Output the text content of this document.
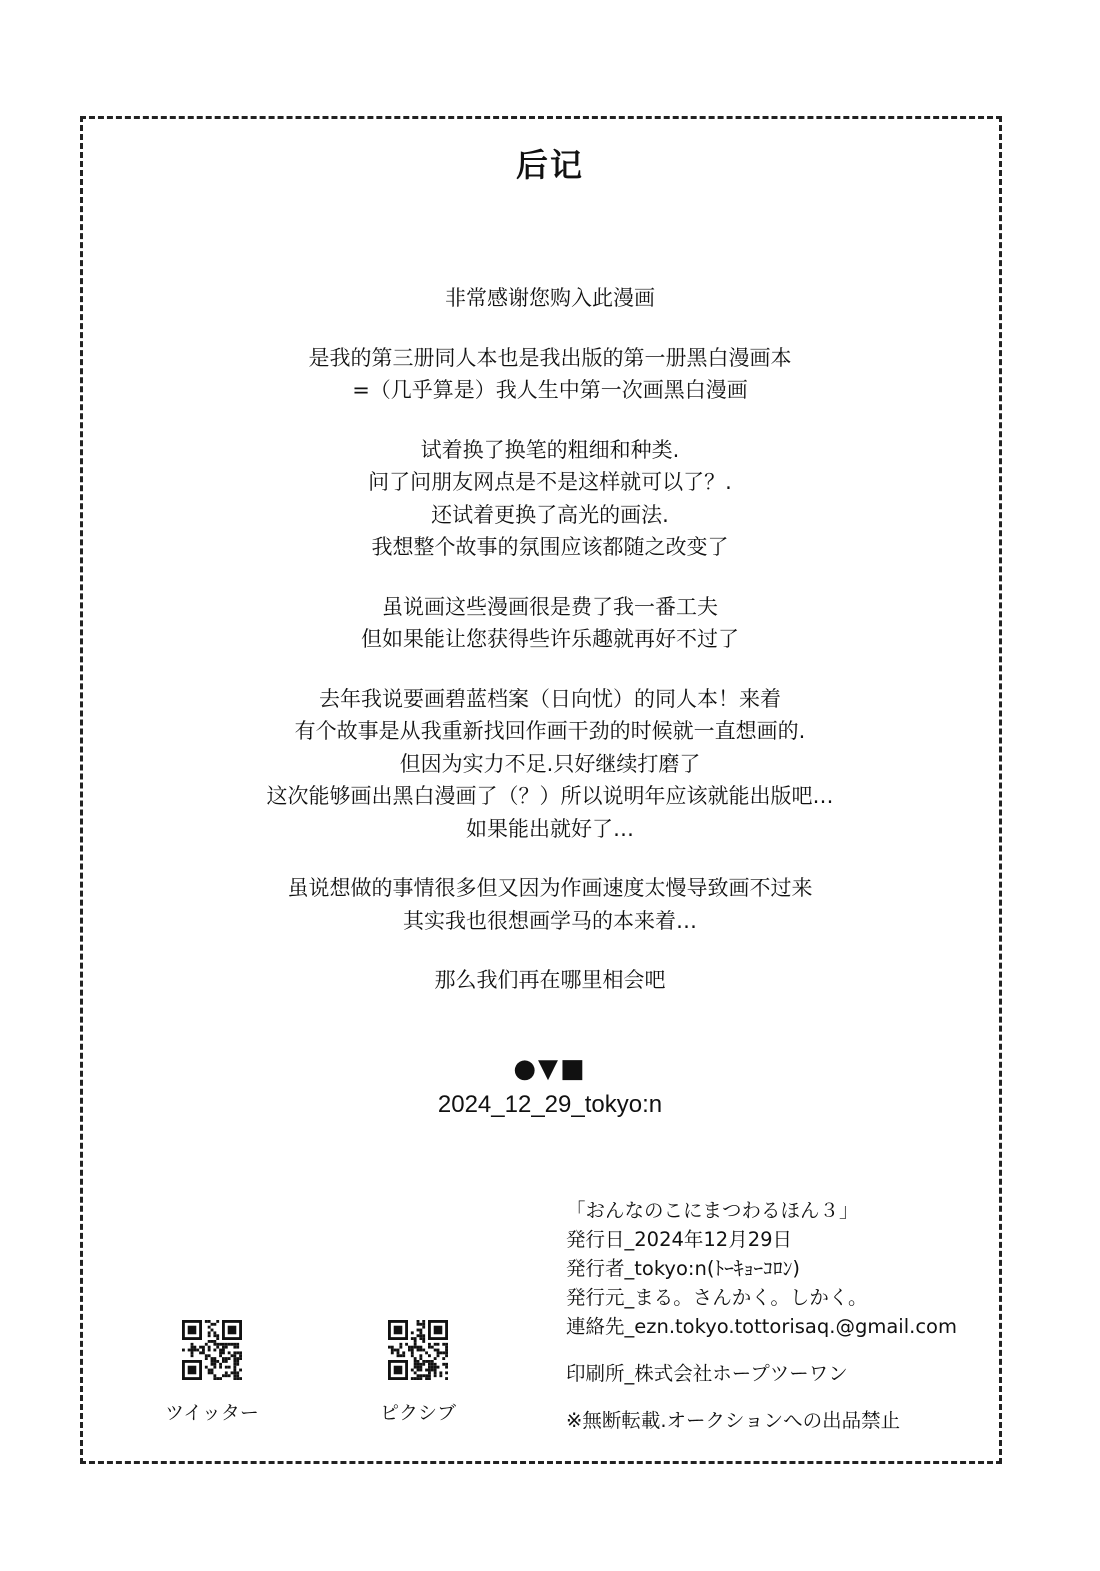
后记
非常感谢您购入此漫画
是我的第三册同人本也是我出版的第一册黑白漫画本
=（几乎算是）我人生中第一次画黑白漫画
试着换了换笔的粗细和种类.
问了问朋友网点是不是这样就可以了？.
还试着更换了高光的画法.
我想整个故事的氛围应该都随之改变了
虽说画这些漫画很是费了我一番工夫
但如果能让您获得些许乐趣就再好不过了
去年我说要画碧蓝档案（日向忧）的同人本！来着
有个故事是从我重新找回作画干劲的时候就一直想画的.
但因为实力不足.只好继续打磨了
这次能够画出黑白漫画了（？）所以说明年应该就能出版吧…
如果能出就好了…
虽说想做的事情很多但又因为作画速度太慢导致画不过来
其实我也很想画学马的本来着…
那么我们再在哪里相会吧
●▼■
2024_12_29_tokyo:n
「おんなのこにまつわるほん３」
発行日_2024年12月29日
発行者_tokyo:n(ﾄｰｷｮｰｺﾛﾝ)
発行元_まる。さんかく。しかく。
連絡先_ezn.tokyo.tottorisaq.@gmail.com
印刷所_株式会社ホープツーワン
※無断転載.オークションへの出品禁止
ツイッター	ピクシブ
